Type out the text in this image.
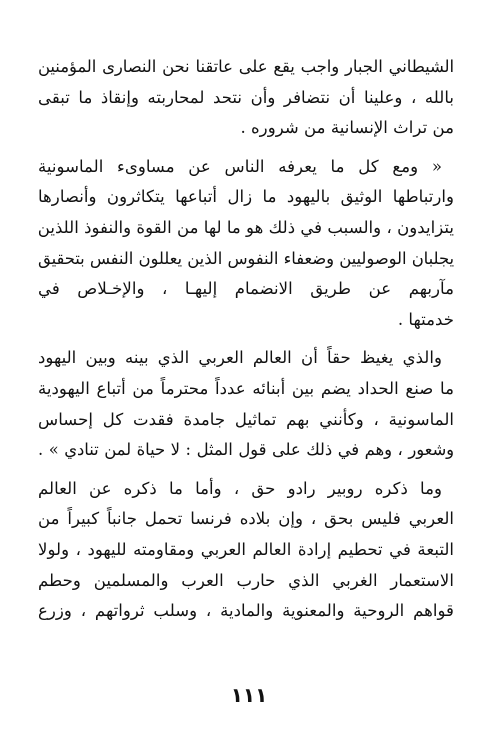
الشيطاني الجبار واجب يقع على عاتقنا نحن النصارى المؤمنين
بالله ، وعلينا أن نتضافر وأن نتحد لمحاربته وإنقاذ ما تبقى
من تراث الإنسانية من شروره .
« ومع كل ما يعرفه الناس عن مساوىء الماسونية
وارتباطها الوثيق باليهود ما زال أتباعها يتكاثرون وأنصارها
يتزايدون ، والسبب في ذلك هو ما لها من القوة والنفوذ اللذين
يجلبان الوصوليين وضعفاء النفوس الذين يعللون النفس بتحقيق
مآربهم عن طريق الانضمام إليهـا ، والإخـلاص في
خدمتها .
والذي يغيظ حقاً أن العالم العربي الذي بينه وبين اليهود
ما صنع الحداد يضم بين أبنائه عدداً محترماً من أتباع اليهودية
الماسونية ، وكأنني بهم تماثيل جامدة فقدت كل إحساس
وشعور ، وهم في ذلك على قول المثل : لا حياة لمن تنادي » .
وما ذكره روبير رادو حق ، وأما ما ذكره عن العالم
العربي فليس بحق ، وإن بلاده فرنسا تحمل جانباً كبيراً من
التبعة في تحطيم إرادة العالم العربي ومقاومته لليهود ، ولولا
الاستعمار الغربي الذي حارب العرب والمسلمين وحطم
قواهم الروحية والمعنوية والمادية ، وسلب ثرواتهم ، وزرع
١١١
